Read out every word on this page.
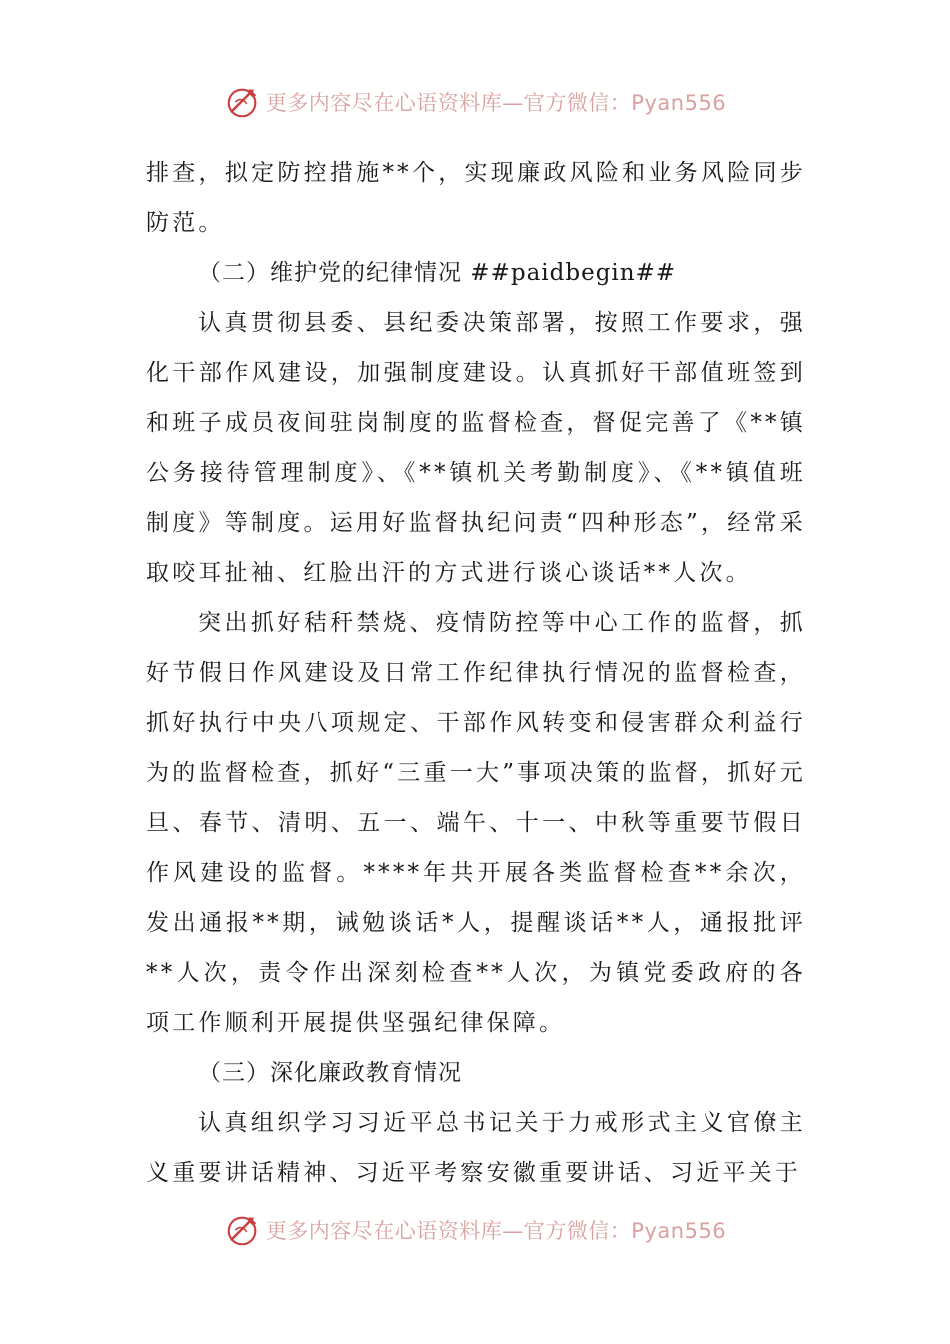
更多内容尽在心语资料库—官方微信：Pyan556

排查，拟定防控措施**个，实现廉政风险和业务风险同步防范。

（二）维护党的纪律情况 ##paidbegin##

认真贯彻县委、县纪委决策部署，按照工作要求，强化干部作风建设，加强制度建设。认真抓好干部值班签到和班子成员夜间驻岗制度的监督检查，督促完善了《**镇公务接待管理制度》、《**镇机关考勤制度》、《**镇值班制度》等制度。运用好监督执纪问责“四种形态”，经常采取咬耳扯袖、红脸出汗的方式进行谈心谈话**人次。

突出抓好秸秆禁烧、疫情防控等中心工作的监督，抓好节假日作风建设及日常工作纪律执行情况的监督检查，抓好执行中央八项规定、干部作风转变和侵害群众利益行为的监督检查，抓好“三重一大”事项决策的监督，抓好元旦、春节、清明、五一、端午、十一、中秋等重要节假日作风建设的监督。****年共开展各类监督检查**余次，发出通报**期，诫勉谈话*人，提醒谈话**人，通报批评**人次，责令作出深刻检查**人次，为镇党委政府的各项工作顺利开展提供坚强纪律保障。

（三）深化廉政教育情况

认真组织学习习近平总书记关于力戒形式主义官僚主义重要讲话精神、习近平考察安徽重要讲话、习近平关于

更多内容尽在心语资料库—官方微信：Pyan556
